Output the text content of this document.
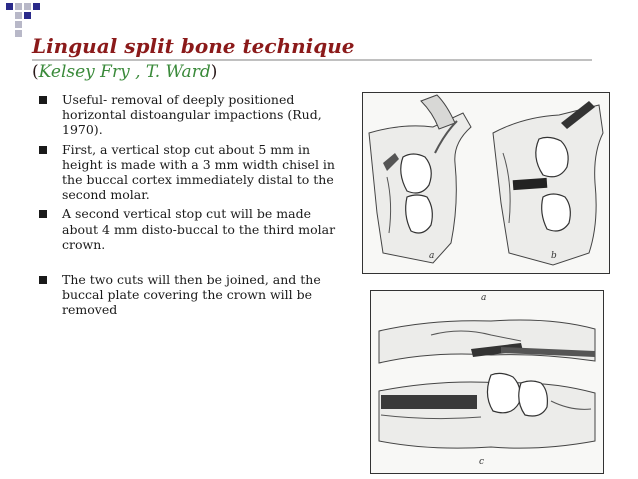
Lingual split bone technique

(Kelsey Fry , T. Ward)

Useful- removal of deeply positioned horizontal distoangular impactions (Rud, 1970).
First, a vertical stop cut about 5 mm in height is made with a 3 mm width chisel in the buccal cortex immediately distal to the second molar.
A second vertical stop cut will be made about 4 mm disto-buccal to the third molar crown.
The two cuts will then be joined, and the buccal plate covering the crown will be removed
a	b
a
c
